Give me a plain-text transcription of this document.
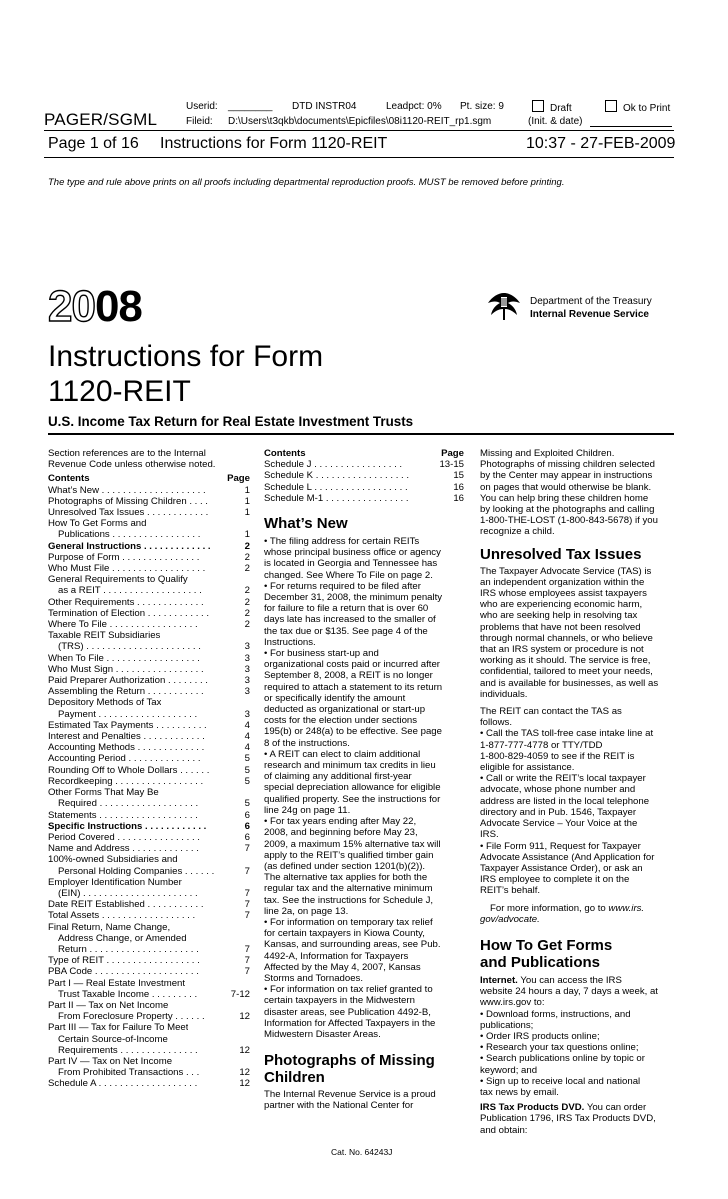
Userid: ________ DTD INSTR04	Leadpct: 0% Pt. size: 9	Draft	Ok to Print
PAGER/SGML	Fileid: D:\Users\t3qkb\documents\Epicfiles\08i1120-REIT_rp1.sgm	(Init. & date)
Page 1 of 16 Instructions for Form 1120-REIT	10:37 - 27-FEB-2009
The type and rule above prints on all proofs including departmental reproduction proofs. MUST be removed before printing.
2008	Department of the Treasury
Internal Revenue Service
Instructions for Form
1120-REIT
U.S. Income Tax Return for Real Estate Investment Trusts
Section references are to the Internal
Revenue Code unless otherwise noted.
Contents	Page
What’s New . . . . . . . . . . . . . . . . . . . .	1
Photographs of Missing Children . . . .	1
Unresolved Tax Issues . . . . . . . . . . . .	1
How To Get Forms and
Publications . . . . . . . . . . . . . . . . .	1
General Instructions . . . . . . . . . . . . .	2
Purpose of Form . . . . . . . . . . . . . . .	2
Who Must File . . . . . . . . . . . . . . . . . .	2
General Requirements to Qualify
as a REIT . . . . . . . . . . . . . . . . . . .	2
Other Requirements . . . . . . . . . . . . .	2
Termination of Election . . . . . . . . . . . .	2
Where To File . . . . . . . . . . . . . . . . .	2
Taxable REIT Subsidiaries
(TRS) . . . . . . . . . . . . . . . . . . . . . .	3
When To File . . . . . . . . . . . . . . . . . .	3
Who Must Sign . . . . . . . . . . . . . . . . .	3
Paid Preparer Authorization . . . . . . . .	3
Assembling the Return . . . . . . . . . . .	3
Depository Methods of Tax
Payment . . . . . . . . . . . . . . . . . . .	3
Estimated Tax Payments . . . . . . . . . .	4
Interest and Penalties . . . . . . . . . . . .	4
Accounting Methods . . . . . . . . . . . . .	4
Accounting Period . . . . . . . . . . . . . .	5
Rounding Off to Whole Dollars . . . . . .	5
Recordkeeping . . . . . . . . . . . . . . . . .	5
Other Forms That May Be
Required . . . . . . . . . . . . . . . . . . .	5
Statements . . . . . . . . . . . . . . . . . . .	6
Specific Instructions . . . . . . . . . . . .	6
Period Covered . . . . . . . . . . . . . . . .	6
Name and Address . . . . . . . . . . . . .	7
100%-owned Subsidiaries and
Personal Holding Companies . . . . . .	7
Employer Identification Number
(EIN) . . . . . . . . . . . . . . . . . . . . . .	7
Date REIT Established . . . . . . . . . . .	7
Total Assets . . . . . . . . . . . . . . . . . .	7
Final Return, Name Change,
Address Change, or Amended
Return . . . . . . . . . . . . . . . . . . . . .	7
Type of REIT . . . . . . . . . . . . . . . . . .	7
PBA Code . . . . . . . . . . . . . . . . . . . .	7
Part I — Real Estate Investment
Trust Taxable Income . . . . . . . . .	7-12
Part II — Tax on Net Income
From Foreclosure Property . . . . . .	12
Part III — Tax for Failure To Meet
Certain Source-of-Income
Requirements . . . . . . . . . . . . . . .	12
Part IV — Tax on Net Income
From Prohibited Transactions . . .	12
Schedule A . . . . . . . . . . . . . . . . . . .	12
Contents	Page
Schedule J . . . . . . . . . . . . . . . . .	13-15
Schedule K . . . . . . . . . . . . . . . . . .	15
Schedule L . . . . . . . . . . . . . . . . . .	16
Schedule M-1 . . . . . . . . . . . . . . . .	16
What’s New
• The filing address for certain REITs
whose principal business office or agency
is located in Georgia and Tennessee has
changed. See Where To File on page 2.
• For returns required to be filed after
December 31, 2008, the minimum penalty
for failure to file a return that is over 60
days late has increased to the smaller of
the tax due or $135. See page 4 of the
Instructions.
• For business start-up and
organizational costs paid or incurred after
September 8, 2008, a REIT is no longer
required to attach a statement to its return
or specifically identify the amount
deducted as organizational or start-up
costs for the election under sections
195(b) or 248(a) to be effective. See page
8 of the instructions.
• A REIT can elect to claim additional
research and minimum tax credits in lieu
of claiming any additional first-year
special depreciation allowance for eligible
qualified property. See the instructions for
line 24g on page 11.
• For tax years ending after May 22,
2008, and beginning before May 23,
2009, a maximum 15% alternative tax will
apply to the REIT’s qualified timber gain
(as defined under section 1201(b)(2)).
The alternative tax applies for both the
regular tax and the alternative minimum
tax. See the instructions for Schedule J,
line 2a, on page 13.
• For information on temporary tax relief
for certain taxpayers in Kiowa County,
Kansas, and surrounding areas, see Pub.
4492-A, Information for Taxpayers
Affected by the May 4, 2007, Kansas
Storms and Tornadoes.
• For information on tax relief granted to
certain taxpayers in the Midwestern
disaster areas, see Publication 4492-B,
Information for Affected Taxpayers in the
Midwestern Disaster Areas.
Photographs of Missing
Children
The Internal Revenue Service is a proud
partner with the National Center for
Missing and Exploited Children.
Photographs of missing children selected
by the Center may appear in instructions
on pages that would otherwise be blank.
You can help bring these children home
by looking at the photographs and calling
1-800-THE-LOST (1-800-843-5678) if you
recognize a child.
Unresolved Tax Issues
The Taxpayer Advocate Service (TAS) is
an independent organization within the
IRS whose employees assist taxpayers
who are experiencing economic harm,
who are seeking help in resolving tax
problems that have not been resolved
through normal channels, or who believe
that an IRS system or procedure is not
working as it should. The service is free,
confidential, tailored to meet your needs,
and is available for businesses, as well as
individuals.
The REIT can contact the TAS as
follows.
• Call the TAS toll-free case intake line at
1-877-777-4778 or TTY/TDD
1-800-829-4059 to see if the REIT is
eligible for assistance.
• Call or write the REIT’s local taxpayer
advocate, whose phone number and
address are listed in the local telephone
directory and in Pub. 1546, Taxpayer
Advocate Service – Your Voice at the
IRS.
• File Form 911, Request for Taxpayer
Advocate Assistance (And Application for
Taxpayer Assistance Order), or ask an
IRS employee to complete it on the
REIT’s behalf.
For more information, go to www.irs.
gov/advocate.
How To Get Forms
and Publications
Internet. You can access the IRS
website 24 hours a day, 7 days a week, at
www.irs.gov to:
• Download forms, instructions, and
publications;
• Order IRS products online;
• Research your tax questions online;
• Search publications online by topic or
keyword; and
• Sign up to receive local and national
tax news by email.
IRS Tax Products DVD. You can order
Publication 1796, IRS Tax Products DVD,
and obtain:
Cat. No. 64243J
